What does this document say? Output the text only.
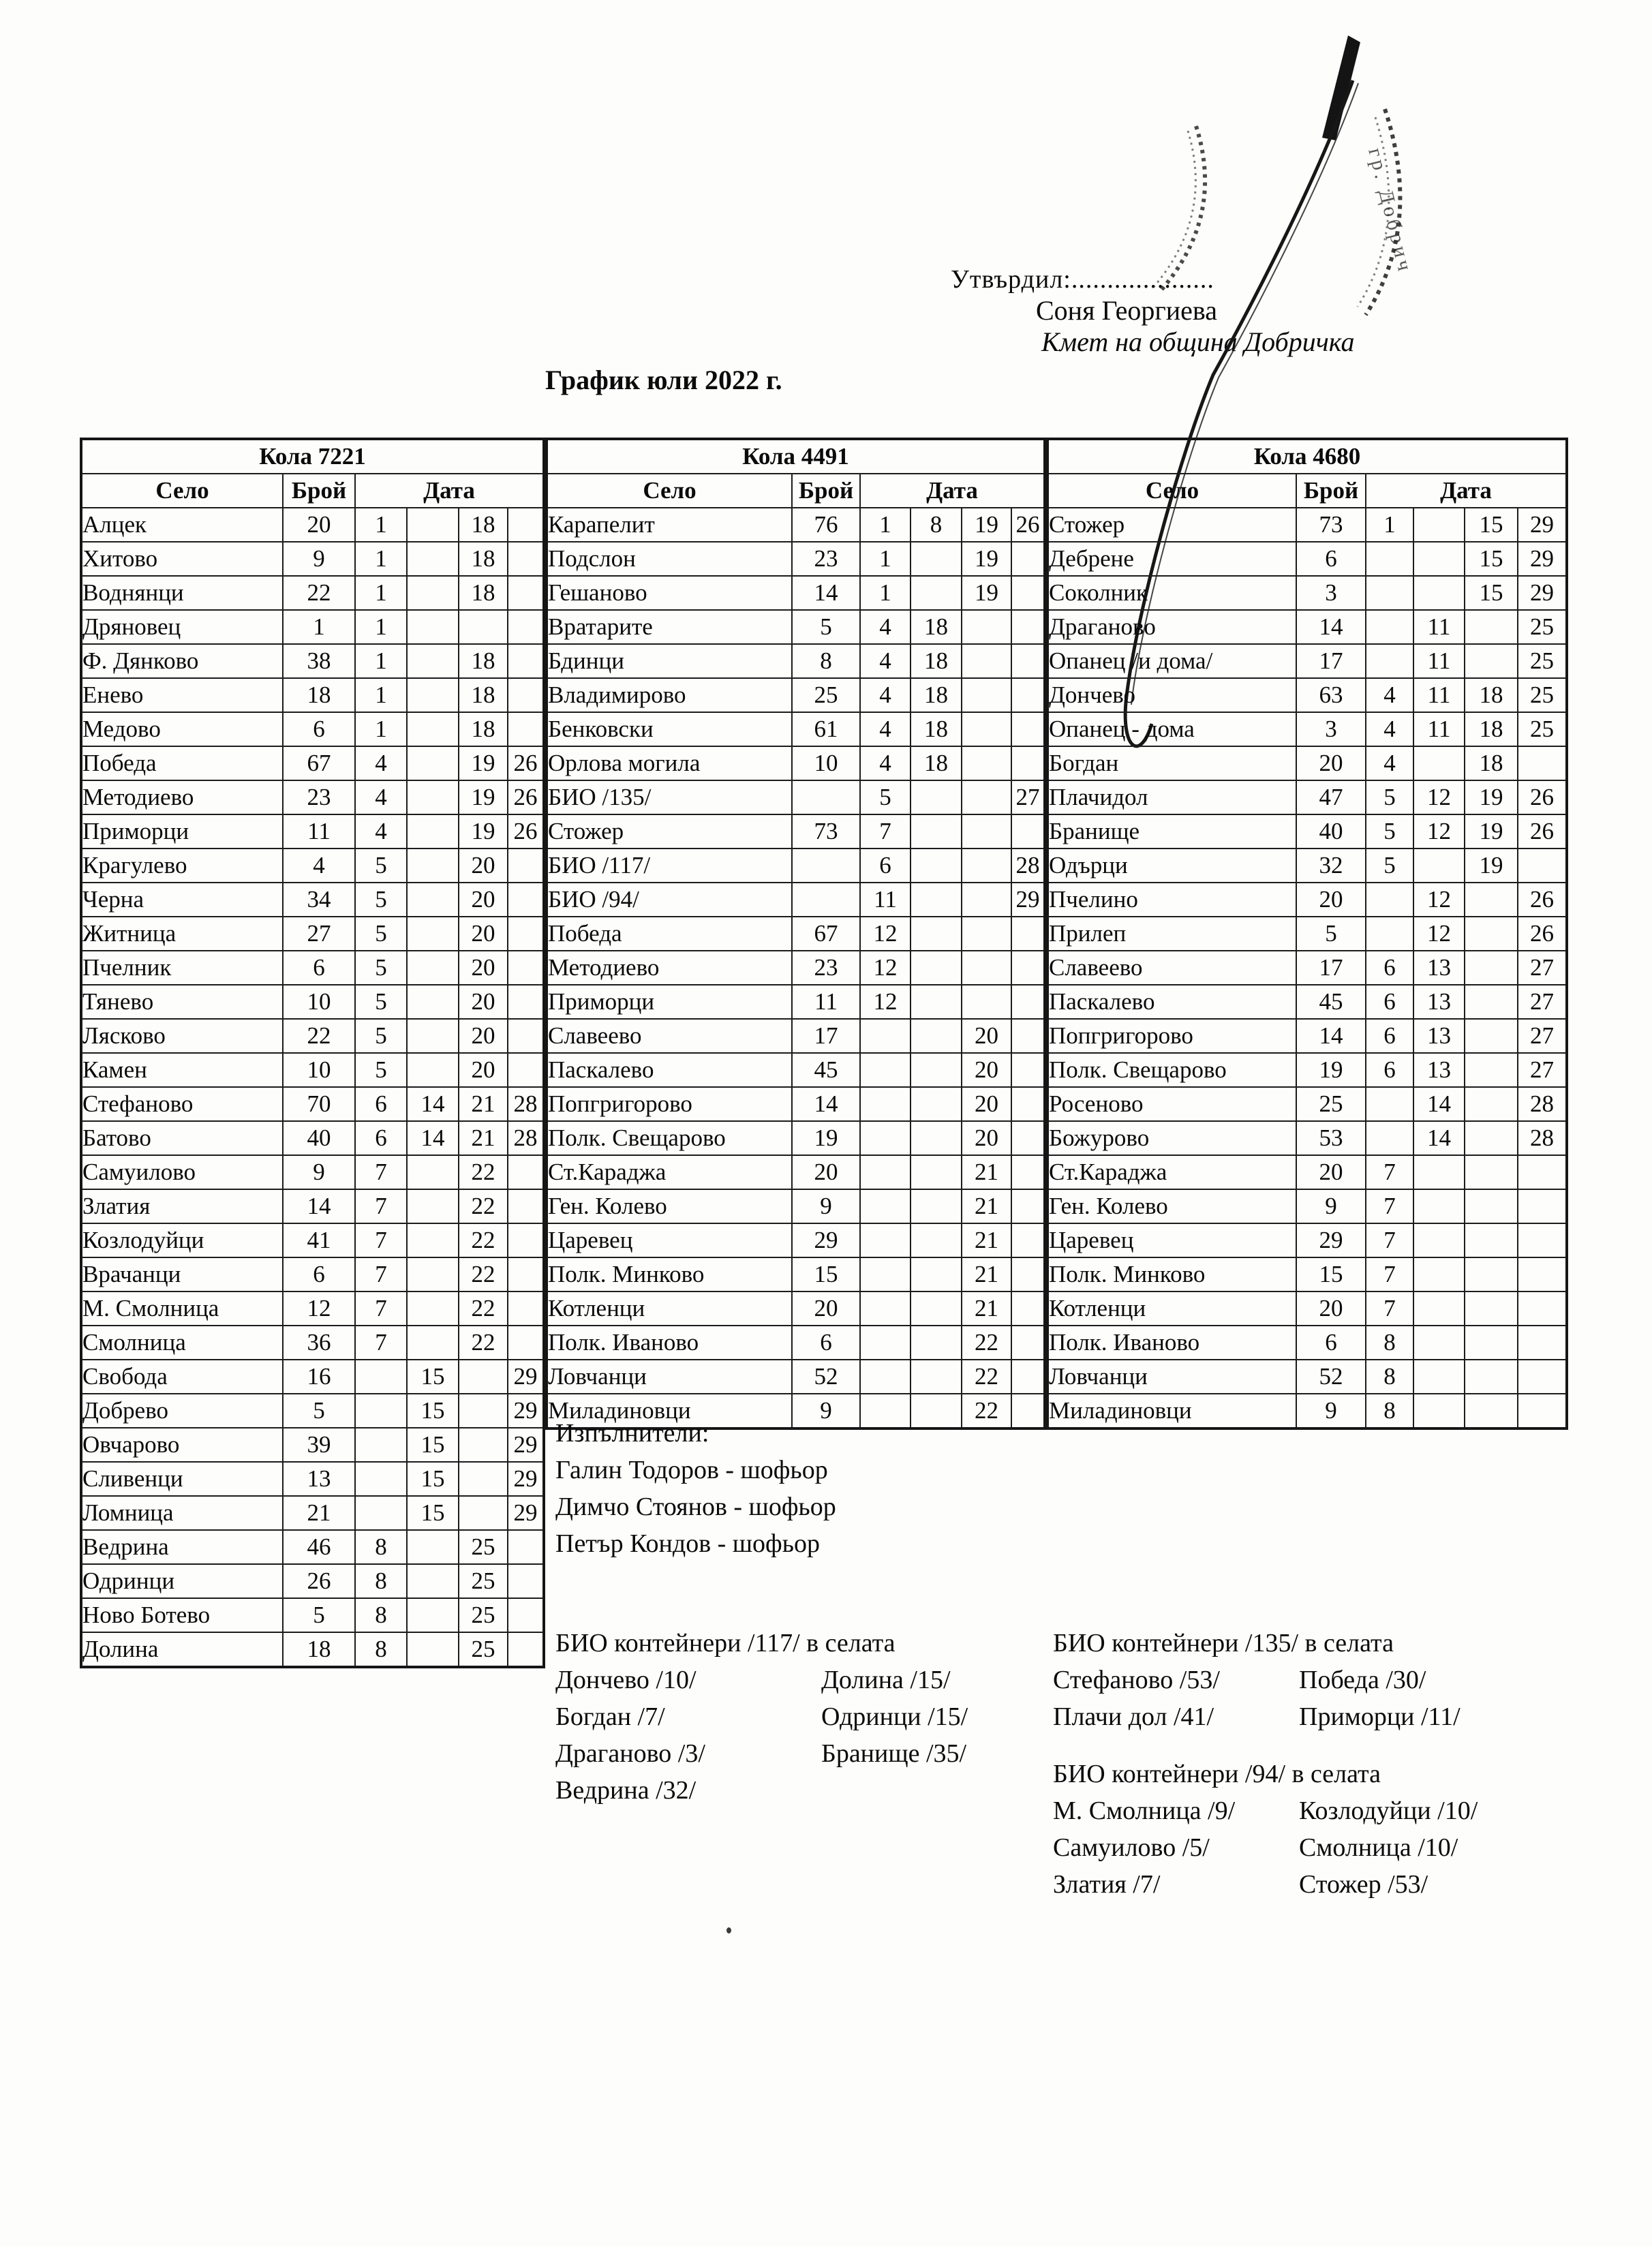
Утвърдил:....................
Соня Георгиева
Кмет на община Добричка
График юли 2022 г.
гр. Добрич
Кола 7221					
Село	Брой	Дата			
Алцек	20	1		18	
Хитово	9	1		18	
Воднянци	22	1		18	
Дряновец	1	1			
Ф. Дянково	38	1		18	
Енево	18	1		18	
Медово	6	1		18	
Победа	67	4		19	26
Методиево	23	4		19	26
Приморци	11	4		19	26
Крагулево	4	5		20	
Черна	34	5		20	
Житница	27	5		20	
Пчелник	6	5		20	
Тянево	10	5		20	
Лясково	22	5		20	
Камен	10	5		20	
Стефаново	70	6	14	21	28
Батово	40	6	14	21	28
Самуилово	9	7		22	
Златия	14	7		22	
Козлодуйци	41	7		22	
Врачанци	6	7		22	
М. Смолница	12	7		22	
Смолница	36	7		22	
Свобода	16		15		29
Добрево	5		15		29
Овчарово	39		15		29
Сливенци	13		15		29
Ломница	21		15		29
Ведрина	46	8		25	
Одринци	26	8		25	
Ново Ботево	5	8		25	
Долина	18	8		25	
Кола 4491					
Село	Брой	Дата			
Карапелит	76	1	8	19	26
Подслон	23	1		19	
Гешаново	14	1		19	
Вратарите	5	4	18		
Бдинци	8	4	18		
Владимирово	25	4	18		
Бенковски	61	4	18		
Орлова могила	10	4	18		
БИО /135/		5			27
Стожер	73	7			
БИО /117/		6			28
БИО /94/		11			29
Победа	67	12			
Методиево	23	12			
Приморци	11	12			
Славеево	17			20	
Паскалево	45			20	
Попгригорово	14			20	
Полк. Свещарово	19			20	
Ст.Караджа	20			21	
Ген. Колево	9			21	
Царевец	29			21	
Полк. Минково	15			21	
Котленци	20			21	
Полк. Иваново	6			22	
Ловчанци	52			22	
Миладиновци	9			22	
Кола 4680					
Село	Брой	Дата			
Стожер	73	1		15	29
Дебрене	6			15	29
Соколник	3			15	29
Драганово	14		11		25
Опанец /и дома/	17		11		25
Дончево	63	4	11	18	25
Опанец - дома	3	4	11	18	25
Богдан	20	4		18	
Плачидол	47	5	12	19	26
Бранище	40	5	12	19	26
Одърци	32	5		19	
Пчелино	20		12		26
Прилеп	5		12		26
Славеево	17	6	13		27
Паскалево	45	6	13		27
Попгригорово	14	6	13		27
Полк. Свещарово	19	6	13		27
Росеново	25		14		28
Божурово	53		14		28
Ст.Караджа	20	7			
Ген. Колево	9	7			
Царевец	29	7			
Полк. Минково	15	7			
Котленци	20	7			
Полк. Иваново	6	8			
Ловчанци	52	8			
Миладиновци	9	8			
Изпълнители:
Галин Тодоров - шофьор
Димчо Стоянов - шофьор
Петър Кондов - шофьор
БИО контейнери /117/ в селата
Дончево /10/
Богдан /7/
Драганово /3/
Ведрина /32/
Долина /15/
Одринци /15/
Бранище /35/
БИО контейнери /135/ в селата
Стефаново /53/
Плачи дол /41/
Победа /30/
Приморци /11/
БИО контейнери /94/ в селата
М. Смолница /9/
Самуилово /5/
Златия /7/
Козлодуйци /10/
Смолница /10/
Стожер /53/
